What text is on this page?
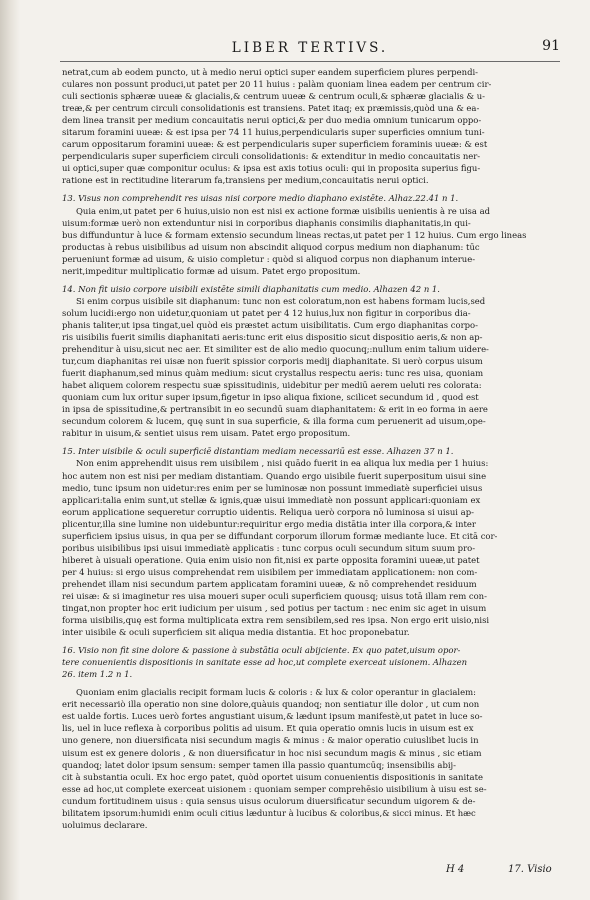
LIBER TERTIVS.	91
netrat,cum ab eodem puncto, ut à medio nerui optici super eandem superficiem plures perpendi-
culares non possunt produci,ut patet per 20 11 huius : palàm quoniam linea eadem per centrum cir-
culi sectionis sphæræ uueæ & glacialis,& centrum uueæ & centrum oculi,& sphæræ glacialis & u-
treæ,& per centrum circuli consolidationis est transiens. Patet itaq; ex præmissis,quòd una & ea-
dem linea transit per medium concauitatis nerui optici,& per duo media omnium tunicarum oppo-
sitarum foramini uueæ: & est ipsa per 74 11 huius,perpendicularis super superficies omnium tuni-
carum oppositarum foramini uueæ: & est perpendicularis super superficiem foraminis uueæ: & est
perpendicularis super superficiem circuli consolidationis: & extenditur in medio concauitatis ner-
ui optici,super quæ componitur oculus: & ipsa est axis totius oculi: qui in proposita superius figu-
ratione est in rectitudine literarum fa,transiens per medium,concauitatis nerui optici.
13. Visus non comprehendit res uisas nisi corpore medio diaphano existēte. Alhaz.22.41 n 1.
Quia enim,ut patet per 6 huius,uisio non est nisi ex actione formæ uisibilis uenientis à re uisa ad
uisum:formæ uerò non extenduntur nisi in corporibus diaphanis consimilis diaphanitatis,in qui-
bus diffunduntur à luce & formam extensio secundum lineas rectas,ut patet per 1 12 huius. Cum ergo lineas
productas à rebus uisibilibus ad uisum non abscindit aliquod corpus medium non diaphanum: tūc
perueniunt formæ ad uisum, & uisio completur : quòd si aliquod corpus non diaphanum interue-
nerit,impeditur multiplicatio formæ ad uisum. Patet ergo propositum.
14. Non fit uisio corpore uisibili existēte simili diaphanitatis cum medio. Alhazen 42 n 1.
Si enim corpus uisibile sit diaphanum: tunc non est coloratum,non est habens formam lucis,sed
solum lucidi:ergo non uidetur,quoniam ut patet per 4 12 huius,lux non figitur in corporibus dia-
phanis taliter,ut ipsa tingat,uel quòd eis præstet actum uisibilitatis. Cum ergo diaphanitas corpo-
ris uisibilis fuerit similis diaphanitati aeris:tunc erit eius dispositio sicut dispositio aeris,& non ap-
prehenditur à uisu,sicut nec aer. Et similiter est de alio medio quocunq;:nullum enim talium uidere-
tur,cum diaphanitas rei uisæ non fuerit spissior corporis medij diaphanitate. Si uerò corpus uisum
fuerit diaphanum,sed minus quàm medium: sicut crystallus respectu aeris: tunc res uisa, quoniam
habet aliquem colorem respectu suæ spissitudinis, uidebitur per mediū aerem ueluti res colorata:
quoniam cum lux oritur super ipsum,figetur in ipso aliqua fixione, scilicet secundum id , quod est
in ipsa de spissitudine,& pertransibit in eo secundū suam diaphanitatem: & erit in eo forma in aere
secundum colorem & lucem, quę sunt in sua superficie, & illa forma cum peruenerit ad uisum,ope-
rabitur in uisum,& sentiet uisus rem uisam. Patet ergo propositum.
15. Inter uisibile & oculi superficiē distantiam mediam necessariū est esse. Alhazen 37 n 1.
Non enim apprehendit uisus rem uisibilem , nisi quādo fuerit in ea aliqua lux media per 1 huius:
hoc autem non est nisi per mediam distantiam. Quando ergo uisibile fuerit superpositum uisui sine
medio, tunc ipsum non uidetur:res enim per se luminosæ non possunt immediatè superficiei uisus
applicari:talia enim sunt,ut stellæ & ignis,quæ uisui immediatè non possunt applicari:quoniam ex
eorum applicatione sequeretur corruptio uidentis. Reliqua uerò corpora nō luminosa si uisui ap-
plicentur,illa sine lumine non uidebuntur:requiritur ergo media distātia inter illa corpora,& inter
superficiem ipsius uisus, in qua per se diffundant corporum illorum formæ mediante luce. Et citā cor-
poribus uisibilibus ipsi uisui immediatè applicatis : tunc corpus oculi secundum situm suum pro-
hiberet à uisuali operatione. Quia enim uisio non fit,nisi ex parte opposita foramini uueæ,ut patet
per 4 huius: si ergo uisus comprehendat rem uisibilem per immediatam applicationem: non com-
prehendet illam nisi secundum partem applicatam foramini uueæ, & nō comprehendet residuum
rei uisæ: & si imaginetur res uisa moueri super oculi superficiem quousq; uisus totā illam rem con-
tingat,non propter hoc erit iudicium per uisum , sed potius per tactum : nec enim sic aget in uisum
forma uisibilis,quę est forma multiplicata extra rem sensibilem,sed res ipsa. Non ergo erit uisio,nisi
inter uisibile & oculi superficiem sit aliqua media distantia. Et hoc proponebatur.
16. Visio non fit sine dolore & passione à substātia oculi abijciente. Ex quo patet,uisum opor-
tere conuenientis dispositionis in sanitate esse ad hoc,ut complete exerceat uisionem. Alhazen
26. item 1.2 n 1.
Quoniam enim glacialis recipit formam lucis & coloris : & lux & color operantur in glacialem:
erit necessariò illa operatio non sine dolore,quàuis quandoq; non sentiatur ille dolor , ut cum non
est ualde fortis. Luces uerò fortes angustiant uisum,& lædunt ipsum manifestè,ut patet in luce so-
lis, uel in luce reflexa à corporibus politis ad uisum. Et quia operatio omnis lucis in uisum est ex
uno genere, non diuersificata nisi secundum magis & minus : & maior operatio cuiuslibet lucis in
uisum est ex genere doloris , & non diuersificatur in hoc nisi secundum magis & minus , sic etiam
quandoq; latet dolor ipsum sensum: semper tamen illa passio quantumcūq; insensibilis abij-
cit à substantia oculi. Ex hoc ergo patet, quòd oportet uisum conuenientis dispositionis in sanitate
esse ad hoc,ut complete exerceat uisionem : quoniam semper comprehēsio uisibilium à uisu est se-
cundum fortitudinem uisus : quia sensus uisus oculorum diuersificatur secundum uigorem & de-
bilitatem ipsorum:humidi enim oculi citius læduntur à lucibus & coloribus,& sicci minus. Et hæc
uoluimus declarare.
H 4	17. Visio
